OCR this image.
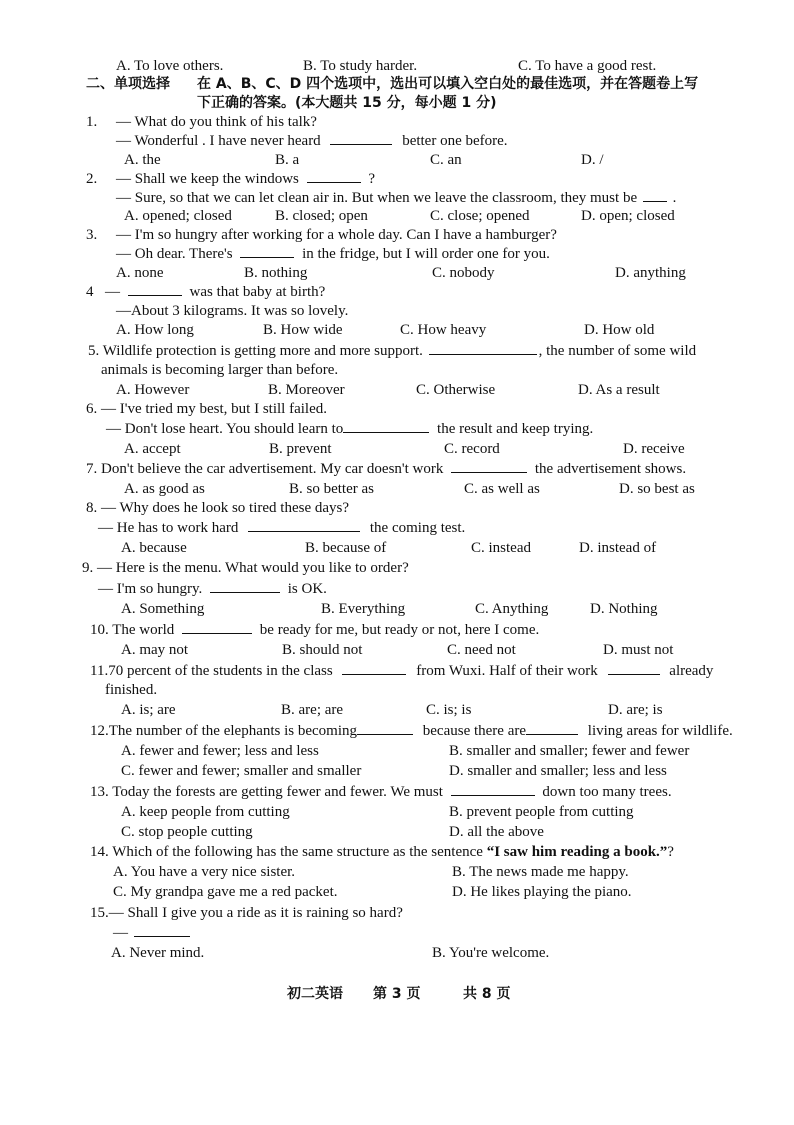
A. To love others.	B. To study harder.	C. To have a good rest.
二、单项选择 在 A、B、C、D 四个选项中，选出可以填入空白处的最佳选项，并在答题卷上写
下正确的答案。(本大题共 15 分，每小题 1 分)
1. — What do you think of his talk?
— Wonderful . I have never heard	better one before.
A. the	B. a	C. an	D. /
2. — Shall we keep the windows	?
— Sure, so that we can let clean air in. But when we leave the classroom, they must be .
A. opened; closed	B. closed; open	C. close; opened	D. open; closed
3. — I'm so hungry after working for a whole day. Can I have a hamburger?
— Oh dear. There's	in the fridge, but I will order one for you.
A. none	B. nothing	C. nobody	D. anything
4 —	was that baby at birth?
—About 3 kilograms. It was so lovely.
A. How long	B. How wide	C. How heavy	D. How old
5. Wildlife protection is getting more and more support.	, the number of some wild
animals is becoming larger than before.
A. However	B. Moreover	C. Otherwise	D. As a result
6. — I've tried my best, but I still failed.
— Don't lose heart. You should learn to	the result and keep trying.
A. accept	B. prevent	C. record	D. receive
7. Don't believe the car advertisement. My car doesn't work	the advertisement shows.
A. as good as	B. so better as	C. as well as	D. so best as
8. — Why does he look so tired these days?
— He has to work hard	the coming test.
A. because	B. because of	C. instead	D. instead of
9. — Here is the menu. What would you like to order?
— I'm so hungry.	is OK.
A. Something	B. Everything	C. Anything	D. Nothing
10. The world	be ready for me, but ready or not, here I come.
A. may not	B. should not	C. need not	D. must not
11.70 percent of the students in the class	from Wuxi. Half of their work	already
finished.
A. is; are	B. are; are	C. is; is	D. are; is
12.The number of the elephants is becoming	because there are	living areas for wildlife.
A. fewer and fewer; less and less	B. smaller and smaller; fewer and fewer
C. fewer and fewer; smaller and smaller	D. smaller and smaller; less and less
13. Today the forests are getting fewer and fewer. We must	down too many trees.
A. keep people from cutting	B. prevent people from cutting
C. stop people cutting	D. all the above
14. Which of the following has the same structure as the sentence “I saw him reading a book.”?
A. You have a very nice sister.	B. The news made me happy.
C. My grandpa gave me a red packet.	D. He likes playing the piano.
15.— Shall I give you a ride as it is raining so hard?
—
A. Never mind.	B. You're welcome.
初二英语 第 3 页	共 8 页
